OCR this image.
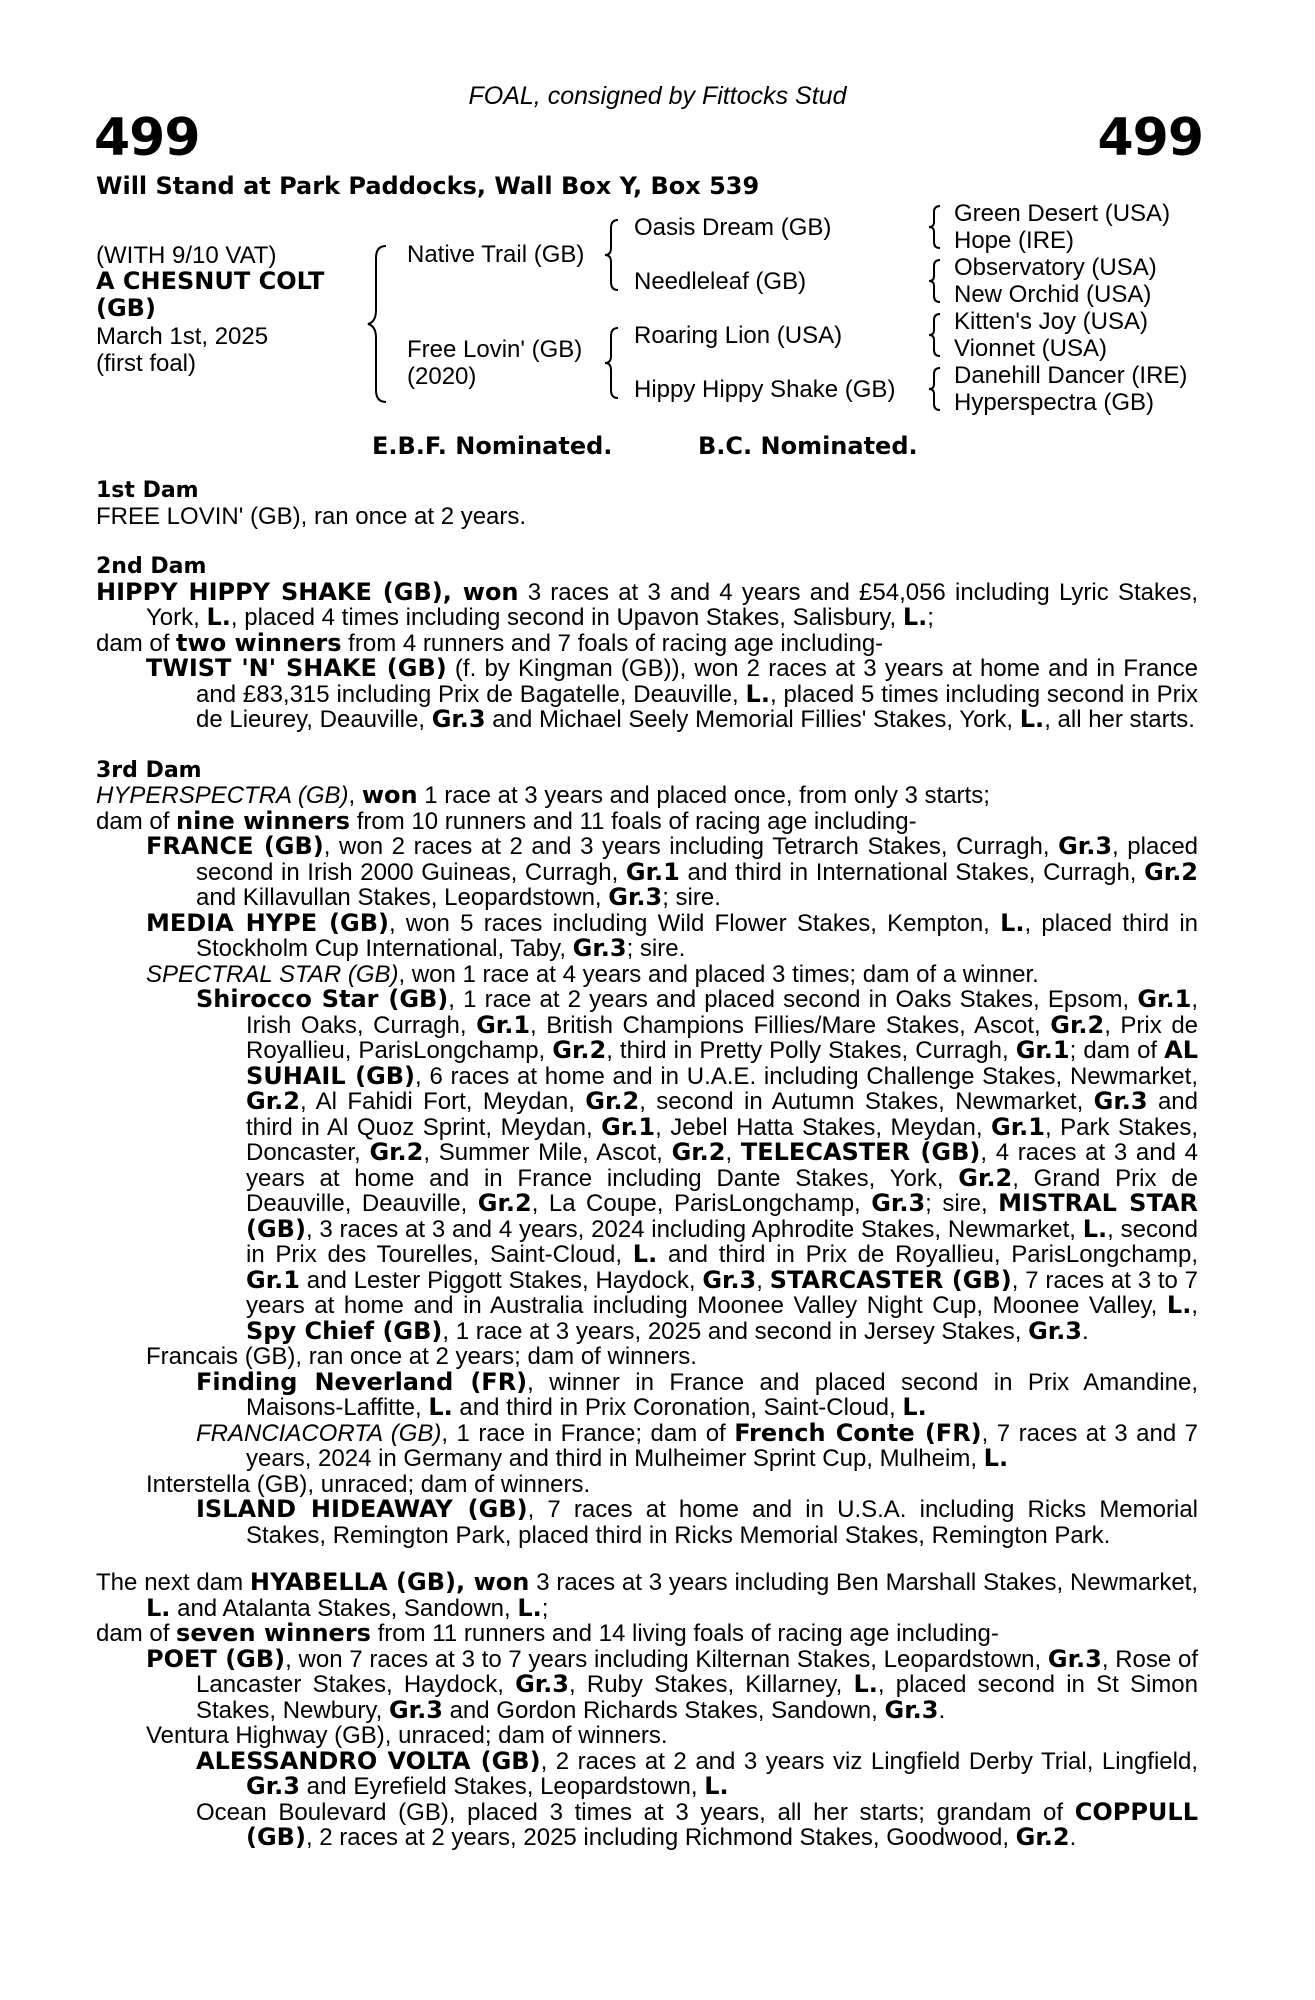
FOAL, consigned by Fittocks Stud
499	499
Will Stand at Park Paddocks, Wall Box Y, Box 539
(WITH 9/10 VAT)
A CHESNUT COLT
(GB)
March 1st, 2025
(first foal)
Native Trail (GB)
Free Lovin' (GB)
(2020)
Oasis Dream (GB)
Needleleaf (GB)
Roaring Lion (USA)
Hippy Hippy Shake (GB)
Green Desert (USA)
Hope (IRE)
Observatory (USA)
New Orchid (USA)
Kitten's Joy (USA)
Vionnet (USA)
Danehill Dancer (IRE)
Hyperspectra (GB)
E.B.F. Nominated.	B.C. Nominated.
1st Dam

FREE LOVIN' (GB), ran once at 2 years.

2nd Dam

HIPPY HIPPY SHAKE (GB), won 3 races at 3 and 4 years and £54,056 including Lyric Stakes, York, L., placed 4 times including second in Upavon Stakes, Salisbury, L.;

dam of two winners from 4 runners and 7 foals of racing age including-

TWIST 'N' SHAKE (GB) (f. by Kingman (GB)), won 2 races at 3 years at home and in France and £83,315 including Prix de Bagatelle, Deauville, L., placed 5 times including second in Prix de Lieurey, Deauville, Gr.3 and Michael Seely Memorial Fillies' Stakes, York, L., all her starts.

3rd Dam

HYPERSPECTRA (GB), won 1 race at 3 years and placed once, from only 3 starts;

dam of nine winners from 10 runners and 11 foals of racing age including-

FRANCE (GB), won 2 races at 2 and 3 years including Tetrarch Stakes, Curragh, Gr.3, placed second in Irish 2000 Guineas, Curragh, Gr.1 and third in International Stakes, Curragh, Gr.2 and Killavullan Stakes, Leopardstown, Gr.3; sire.

MEDIA HYPE (GB), won 5 races including Wild Flower Stakes, Kempton, L., placed third in Stockholm Cup International, Taby, Gr.3; sire.

SPECTRAL STAR (GB), won 1 race at 4 years and placed 3 times; dam of a winner.

Shirocco Star (GB), 1 race at 2 years and placed second in Oaks Stakes, Epsom, Gr.1, Irish Oaks, Curragh, Gr.1, British Champions Fillies/Mare Stakes, Ascot, Gr.2, Prix de Royallieu, ParisLongchamp, Gr.2, third in Pretty Polly Stakes, Curragh, Gr.1; dam of AL SUHAIL (GB), 6 races at home and in U.A.E. including Challenge Stakes, Newmarket, Gr.2, Al Fahidi Fort, Meydan, Gr.2, second in Autumn Stakes, Newmarket, Gr.3 and third in Al Quoz Sprint, Meydan, Gr.1, Jebel Hatta Stakes, Meydan, Gr.1, Park Stakes, Doncaster, Gr.2, Summer Mile, Ascot, Gr.2, TELECASTER (GB), 4 races at 3 and 4 years at home and in France including Dante Stakes, York, Gr.2, Grand Prix de Deauville, Deauville, Gr.2, La Coupe, ParisLongchamp, Gr.3; sire, MISTRAL STAR (GB), 3 races at 3 and 4 years, 2024 including Aphrodite Stakes, Newmarket, L., second in Prix des Tourelles, Saint-Cloud, L. and third in Prix de Royallieu, ParisLongchamp, Gr.1 and Lester Piggott Stakes, Haydock, Gr.3, STARCASTER (GB), 7 races at 3 to 7 years at home and in Australia including Moonee Valley Night Cup, Moonee Valley, L., Spy Chief (GB), 1 race at 3 years, 2025 and second in Jersey Stakes, Gr.3.

Francais (GB), ran once at 2 years; dam of winners.

Finding Neverland (FR), winner in France and placed second in Prix Amandine, Maisons-Laffitte, L. and third in Prix Coronation, Saint-Cloud, L.

FRANCIACORTA (GB), 1 race in France; dam of French Conte (FR), 7 races at 3 and 7 years, 2024 in Germany and third in Mulheimer Sprint Cup, Mulheim, L.

Interstella (GB), unraced; dam of winners.

ISLAND HIDEAWAY (GB), 7 races at home and in U.S.A. including Ricks Memorial Stakes, Remington Park, placed third in Ricks Memorial Stakes, Remington Park.

The next dam HYABELLA (GB), won 3 races at 3 years including Ben Marshall Stakes, Newmarket, L. and Atalanta Stakes, Sandown, L.;

dam of seven winners from 11 runners and 14 living foals of racing age including-

POET (GB), won 7 races at 3 to 7 years including Kilternan Stakes, Leopardstown, Gr.3, Rose of Lancaster Stakes, Haydock, Gr.3, Ruby Stakes, Killarney, L., placed second in St Simon Stakes, Newbury, Gr.3 and Gordon Richards Stakes, Sandown, Gr.3.

Ventura Highway (GB), unraced; dam of winners.

ALESSANDRO VOLTA (GB), 2 races at 2 and 3 years viz Lingfield Derby Trial, Lingfield, Gr.3 and Eyrefield Stakes, Leopardstown, L.

Ocean Boulevard (GB), placed 3 times at 3 years, all her starts; grandam of COPPULL (GB), 2 races at 2 years, 2025 including Richmond Stakes, Goodwood, Gr.2.
